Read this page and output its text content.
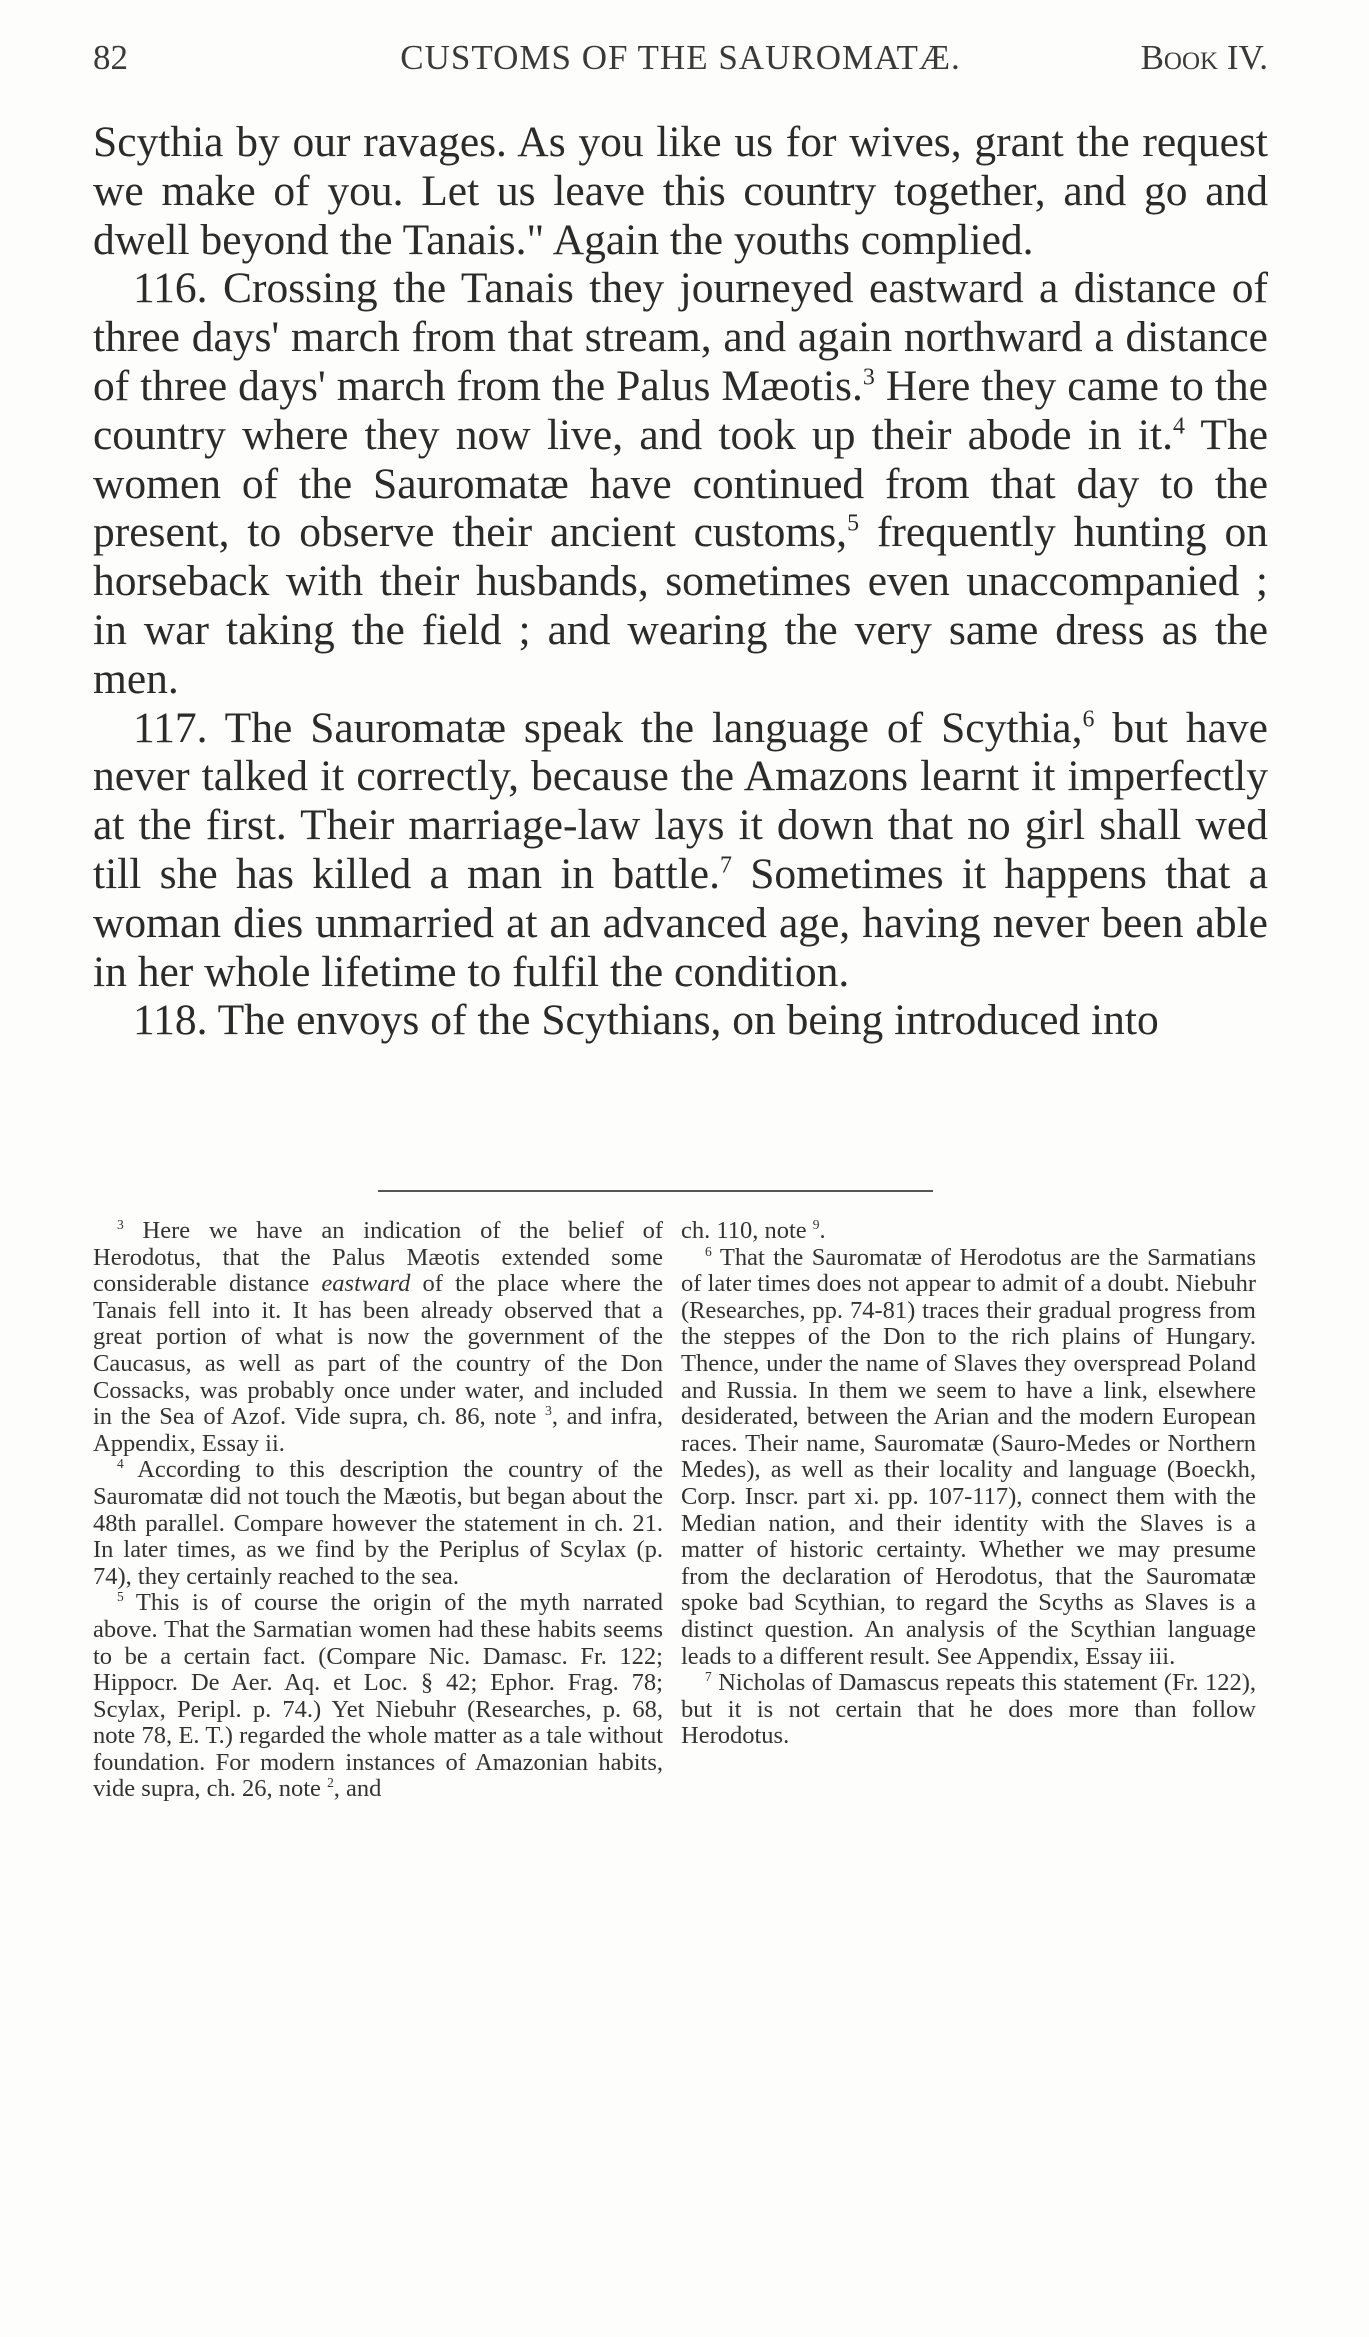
82	CUSTOMS OF THE SAUROMATÆ.	Book IV.

Scythia by our ravages. As you like us for wives, grant the request we make of you. Let us leave this country together, and go and dwell beyond the Tanais." Again the youths complied.

116. Crossing the Tanais they journeyed eastward a distance of three days' march from that stream, and again northward a distance of three days' march from the Palus Mæotis.$^3$ Here they came to the country where they now live, and took up their abode in it.$^4$ The women of the Sauromatæ have continued from that day to the present, to observe their ancient customs,$^5$ frequently hunting on horseback with their husbands, sometimes even unaccompanied ; in war taking the field ; and wearing the very same dress as the men.

117. The Sauromatæ speak the language of Scythia,$^6$ but have never talked it correctly, because the Amazons learnt it imperfectly at the first. Their marriage-law lays it down that no girl shall wed till she has killed a man in battle.$^7$ Sometimes it happens that a woman dies unmarried at an advanced age, having never been able in her whole lifetime to fulfil the condition.

118. The envoys of the Scythians, on being introduced into

$^3$ Here we have an indication of the belief of Herodotus, that the Palus Mæotis extended some considerable distance eastward of the place where the Tanais fell into it. It has been already observed that a great portion of what is now the government of the Caucasus, as well as part of the country of the Don Cossacks, was probably once under water, and included in the Sea of Azof. Vide supra, ch. 86, note $^3$, and infra, Appendix, Essay ii.

$^4$ According to this description the country of the Sauromatæ did not touch the Mæotis, but began about the 48th parallel. Compare however the statement in ch. 21. In later times, as we find by the Periplus of Scylax (p. 74), they certainly reached to the sea.

$^5$ This is of course the origin of the myth narrated above. That the Sarmatian women had these habits seems to be a certain fact. (Compare Nic. Damasc. Fr. 122; Hippocr. De Aer. Aq. et Loc. § 42; Ephor. Frag. 78; Scylax, Peripl. p. 74.) Yet Niebuhr (Researches, p. 68, note 78, E. T.) regarded the whole matter as a tale without foundation. For modern instances of Amazonian habits, vide supra, ch. 26, note $^2$, and

ch. 110, note $^9$.

$^6$ That the Sauromatæ of Herodotus are the Sarmatians of later times does not appear to admit of a doubt. Niebuhr (Researches, pp. 74-81) traces their gradual progress from the steppes of the Don to the rich plains of Hungary. Thence, under the name of Slaves they overspread Poland and Russia. In them we seem to have a link, elsewhere desiderated, between the Arian and the modern European races. Their name, Sauromatæ (Sauro-Medes or Northern Medes), as well as their locality and language (Boeckh, Corp. Inscr. part xi. pp. 107-117), connect them with the Median nation, and their identity with the Slaves is a matter of historic certainty. Whether we may presume from the declaration of Herodotus, that the Sauromatæ spoke bad Scythian, to regard the Scyths as Slaves is a distinct question. An analysis of the Scythian language leads to a different result. See Appendix, Essay iii.

$^7$ Nicholas of Damascus repeats this statement (Fr. 122), but it is not certain that he does more than follow Herodotus.
